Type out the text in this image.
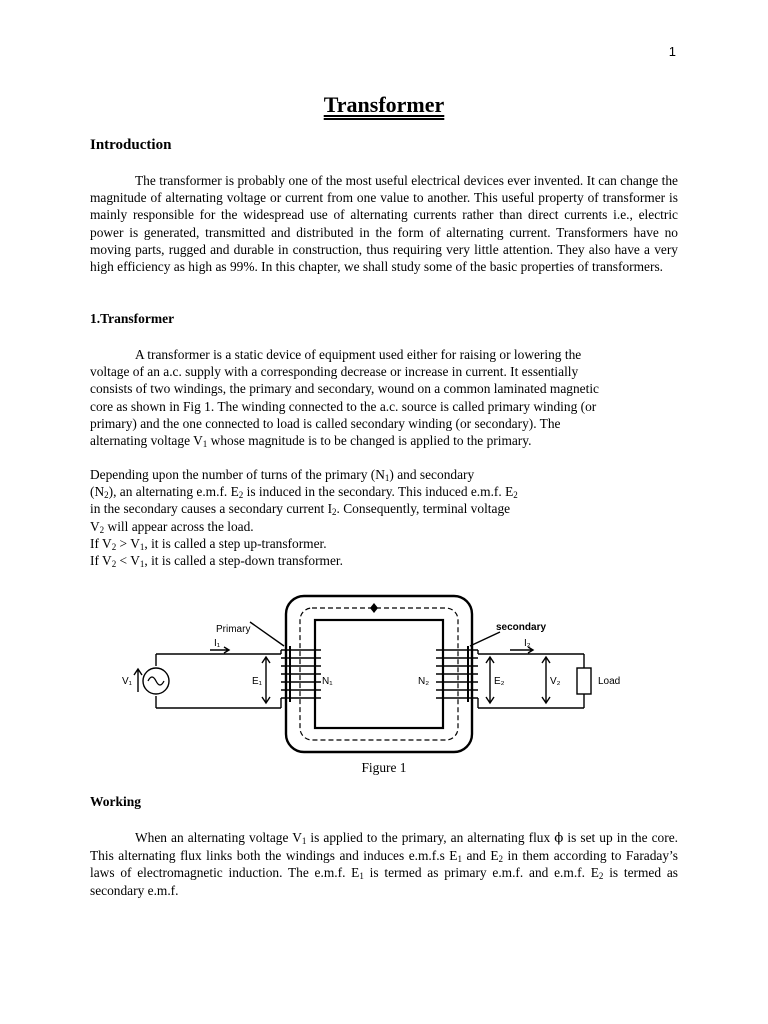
1
Transformer
Introduction

The transformer is probably one of the most useful electrical devices ever invented. It can change the magnitude of alternating voltage or current from one value to another. This useful property of transformer is mainly responsible for the widespread use of alternating currents rather than direct currents i.e., electric power is generated, transmitted and distributed in the form of alternating current. Transformers have no moving parts, rugged and durable in construction, thus requiring very little attention. They also have a very high efficiency as high as 99%. In this chapter, we shall study some of the basic properties of transformers.

1.Transformer

A transformer is a static device of equipment used either for raising or lowering the
voltage of an a.c. supply with a corresponding decrease or increase in current. It essentially
consists of two windings, the primary and secondary, wound on a common laminated magnetic
core as shown in Fig 1. The winding connected to the a.c. source is called primary winding (or
primary) and the one connected to load is called secondary winding (or secondary). The
alternating voltage $V_1$ whose magnitude is to be changed is applied to the primary.

Depending upon the number of turns of the primary $(N_1)$ and secondary
$(N_2)$, an alternating e.m.f. $E_2$ is induced in the secondary. This induced e.m.f. $E_2$
in the secondary causes a secondary current $I_2$. Consequently, terminal voltage
$V_2$ will appear across the load.
If $V_2 > V_1$, it is called a step up-transformer.
If $V_2 < V_1$, it is called a step-down transformer.

Primary	secondary
I₁	I₂
V₁	E₁	N₁	N₂	E₂	V₂	Load
Figure 1
Working

When an alternating voltage $V_1$ is applied to the primary, an alternating flux ϕ is set up in the core. This alternating flux links both the windings and induces e.m.f.s $E_1$ and $E_2$ in them according to Faraday’s laws of electromagnetic induction. The e.m.f. $E_1$ is termed as primary e.m.f. and e.m.f. $E_2$ is termed as secondary e.m.f.
